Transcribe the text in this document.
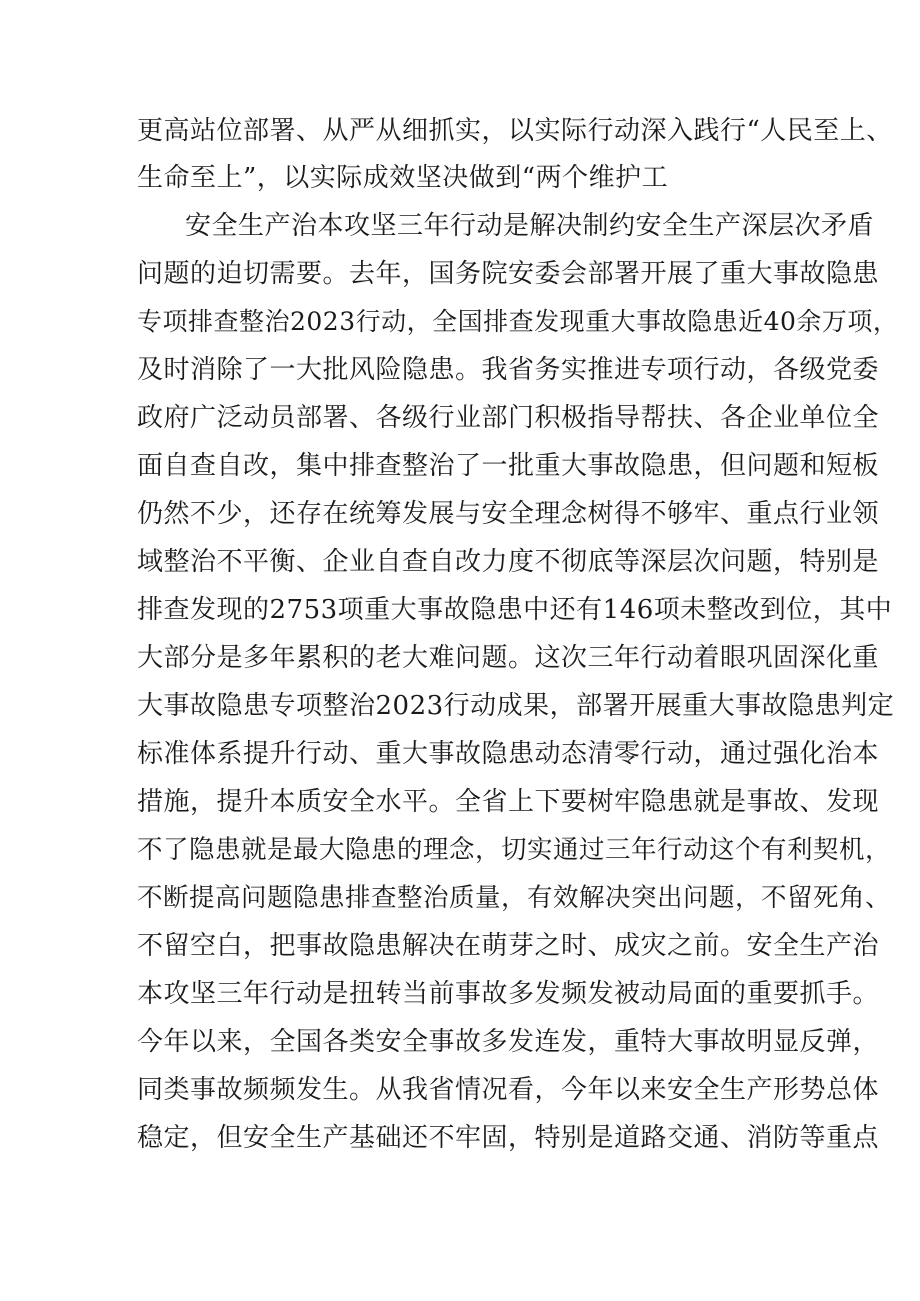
更高站位部署、从严从细抓实，以实际行动深入践行“人民至上、
生命至上”，以实际成效坚决做到“两个维护工
安全生产治本攻坚三年行动是解决制约安全生产深层次矛盾
问题的迫切需要。去年，国务院安委会部署开展了重大事故隐患
专项排查整治2023行动，全国排查发现重大事故隐患近40余万项，
及时消除了一大批风险隐患。我省务实推进专项行动，各级党委
政府广泛动员部署、各级行业部门积极指导帮扶、各企业单位全
面自查自改，集中排查整治了一批重大事故隐患，但问题和短板
仍然不少，还存在统筹发展与安全理念树得不够牢、重点行业领
域整治不平衡、企业自查自改力度不彻底等深层次问题，特别是
排查发现的2753项重大事故隐患中还有146项未整改到位，其中
大部分是多年累积的老大难问题。这次三年行动着眼巩固深化重
大事故隐患专项整治2023行动成果，部署开展重大事故隐患判定
标准体系提升行动、重大事故隐患动态清零行动，通过强化治本
措施，提升本质安全水平。全省上下要树牢隐患就是事故、发现
不了隐患就是最大隐患的理念，切实通过三年行动这个有利契机，
不断提高问题隐患排查整治质量，有效解决突出问题，不留死角、
不留空白，把事故隐患解决在萌芽之时、成灾之前。安全生产治
本攻坚三年行动是扭转当前事故多发频发被动局面的重要抓手。
今年以来，全国各类安全事故多发连发，重特大事故明显反弹，
同类事故频频发生。从我省情况看，今年以来安全生产形势总体
稳定，但安全生产基础还不牢固，特别是道路交通、消防等重点
